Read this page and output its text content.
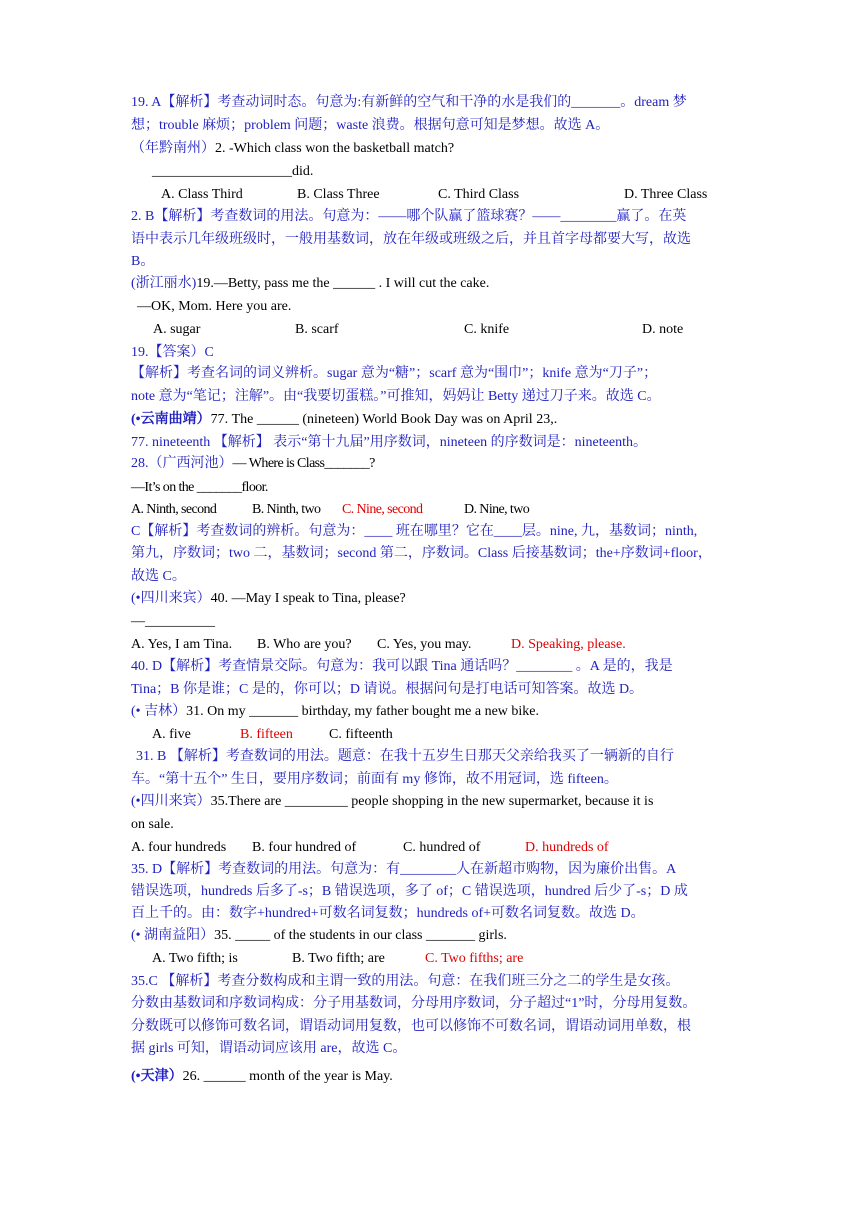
19. A【解析】考查动词时态。句意为:有新鲜的空气和干净的水是我们的_______。dream 梦
想；trouble 麻烦；problem 问题；waste 浪费。根据句意可知是梦想。故选 A。
（年黔南州）2. -Which class won the basketball match?
____________________did.
A. Class Third	B. Class Three	C. Third Class	D. Three Class
2. B【解析】考查数词的用法。句意为：——哪个队赢了篮球赛？——________赢了。在英
语中表示几年级班级时，一般用基数词，放在年级或班级之后，并且首字母都要大写，故选
B。
(浙江丽水)19.—Betty, pass me the ______ . I will cut the cake.
—OK, Mom. Here you are.
A. sugar	B. scarf	C. knife	D. note
19.【答案）C
【解析】考查名词的词义辨析。sugar 意为“糖”；scarf 意为“围巾”；knife 意为“刀子”；
note 意为“笔记；注解”。由“我要切蛋糕。”可推知，妈妈让 Betty 递过刀子来。故选 C。
(•云南曲靖）77. The ______ (nineteen) World Book Day was on April 23,.
77. nineteenth 【解析】 表示“第十九届”用序数词，nineteen 的序数词是：nineteenth。
28.（广西河池）— Where is Class_______?
—It’s on the _______floor.
A. Ninth, second	B. Ninth, two C. Nine, second	D. Nine, two
C【解析】考查数词的辨析。句意为：____ 班在哪里？它在____层。nine, 九，基数词；ninth,
第九，序数词；two 二，基数词；second 第二，序数词。Class 后接基数词；the+序数词+floor，
故选 C。
(•四川来宾）40. —May I speak to Tina, please?
—__________
A. Yes, I am Tina. B. Who are you? C. Yes, you may.	D. Speaking, please.
40. D【解析】考查情景交际。句意为：我可以跟 Tina 通话吗？________ 。A 是的，我是
Tina；B 你是谁；C 是的，你可以；D 请说。根据问句是打电话可知答案。故选 D。
(• 吉林）31. On my _______ birthday, my father bought me a new bike.
A. five	B. fifteen	C. fifteenth
31. B 【解析】考查数词的用法。题意：在我十五岁生日那天父亲给我买了一辆新的自行
车。“第十五个” 生日，要用序数词；前面有 my 修饰，故不用冠词，选 fifteen。
(•四川来宾）35.There are _________ people shopping in the new supermarket, because it is
on sale.
A. four hundreds B. four hundred of	C. hundred of	D. hundreds of
35. D【解析】考查数词的用法。句意为：有________人在新超市购物，因为廉价出售。A
错误选项，hundreds 后多了-s；B 错误选项，多了 of；C 错误选项，hundred 后少了-s；D 成
百上千的。由：数字+hundred+可数名词复数；hundreds of+可数名词复数。故选 D。
(• 湖南益阳）35. _____ of the students in our class _______ girls.
A. Two fifth; is	B. Two fifth; are	C. Two fifths; are
35.C 【解析】考查分数构成和主谓一致的用法。句意：在我们班三分之二的学生是女孩。
分数由基数词和序数词构成：分子用基数词，分母用序数词，分子超过“1”时，分母用复数。
分数既可以修饰可数名词，谓语动词用复数，也可以修饰不可数名词，谓语动词用单数，根
据 girls 可知，谓语动词应该用 are，故选 C。
(•天津）26. ______ month of the year is May.
